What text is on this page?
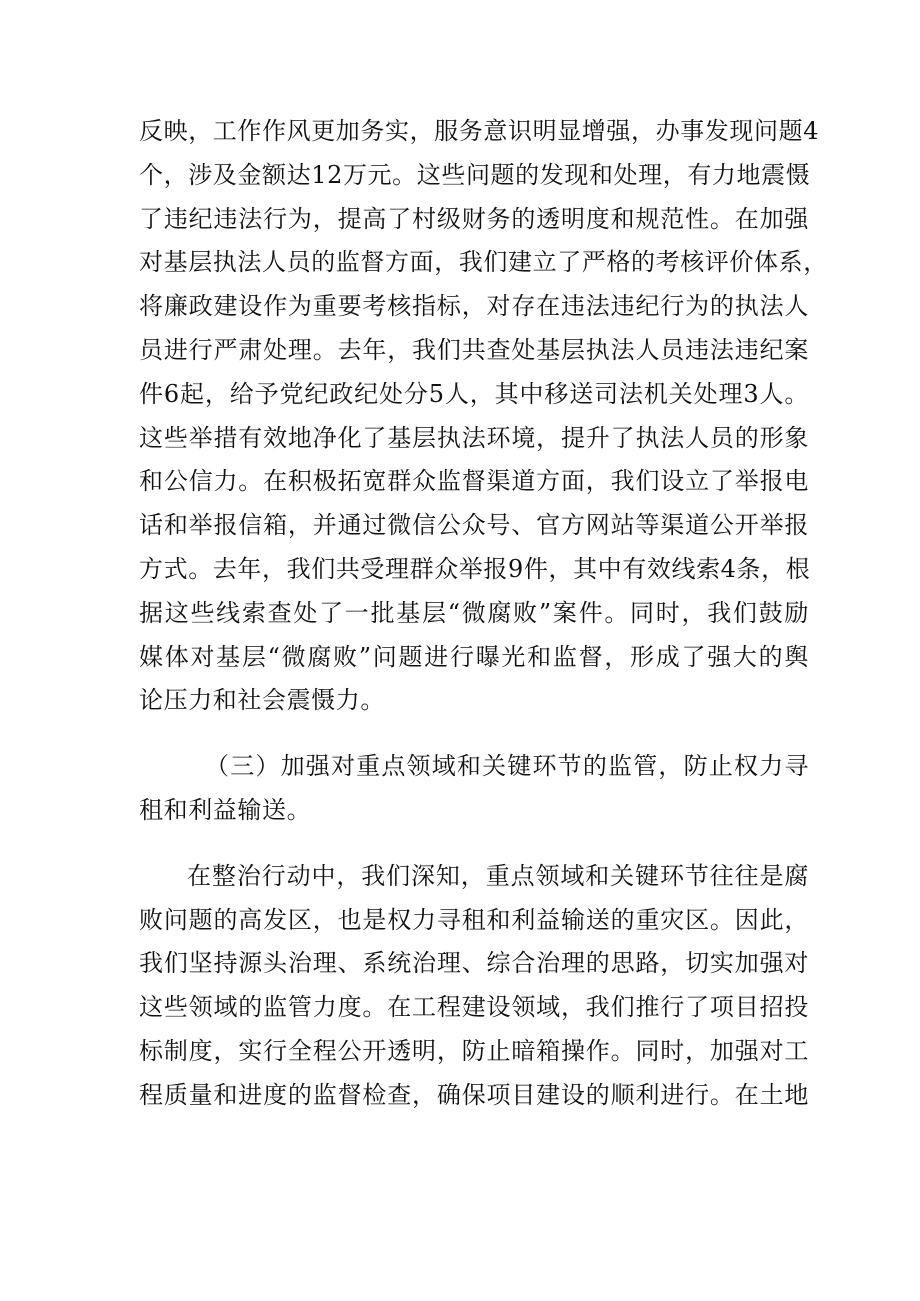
反映，工作作风更加务实，服务意识明显增强，办事发现问题4
个，涉及金额达12万元。这些问题的发现和处理，有力地震慑
了违纪违法行为，提高了村级财务的透明度和规范性。在加强
对基层执法人员的监督方面，我们建立了严格的考核评价体系，
将廉政建设作为重要考核指标，对存在违法违纪行为的执法人
员进行严肃处理。去年，我们共查处基层执法人员违法违纪案
件6起，给予党纪政纪处分5人，其中移送司法机关处理3人。
这些举措有效地净化了基层执法环境，提升了执法人员的形象
和公信力。在积极拓宽群众监督渠道方面，我们设立了举报电
话和举报信箱，并通过微信公众号、官方网站等渠道公开举报
方式。去年，我们共受理群众举报9件，其中有效线索4条，根
据这些线索查处了一批基层“微腐败”案件。同时，我们鼓励
媒体对基层“微腐败”问题进行曝光和监督，形成了强大的舆
论压力和社会震慑力。
（三）加强对重点领域和关键环节的监管，防止权力寻
租和利益输送。
在整治行动中，我们深知，重点领域和关键环节往往是腐
败问题的高发区，也是权力寻租和利益输送的重灾区。因此，
我们坚持源头治理、系统治理、综合治理的思路，切实加强对
这些领域的监管力度。在工程建设领域，我们推行了项目招投
标制度，实行全程公开透明，防止暗箱操作。同时，加强对工
程质量和进度的监督检查，确保项目建设的顺利进行。在土地
